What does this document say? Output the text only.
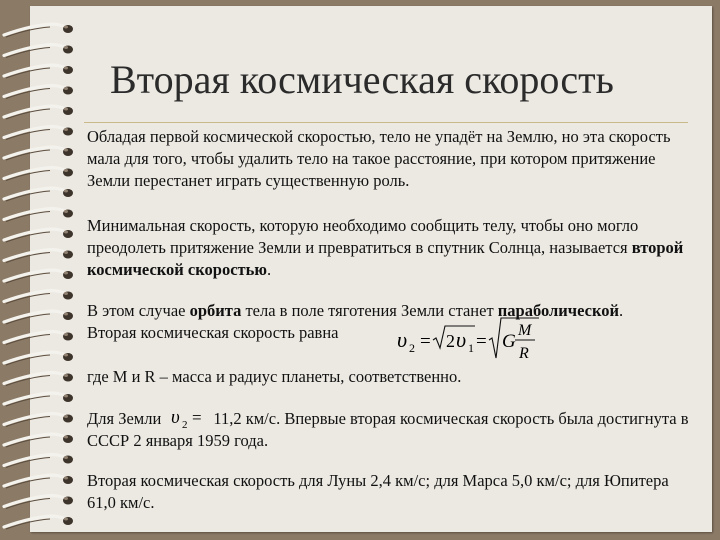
Вторая космическая скорость
Обладая первой космической скоростью, тело не упадёт на Землю, но эта скорость мала для того, чтобы удалить тело на такое расстояние, при котором притяжение Земли перестанет играть существенную роль.
Минимальная скорость, которую необходимо сообщить телу, чтобы оно могло преодолеть притяжение Земли и превратиться в спутник Солнца, называется второй космической скоростью.
В этом случае орбита тела в поле тяготения Земли станет параболической.
Вторая космическая скорость равна	υ 2 = 2 υ 1 = G
M
R
где M и R – масса и радиус планеты, соответственно.
Для Земли υ 2 = 11,2 км/с. Впервые вторая космическая скорость была достигнута в СССР 2 января 1959 года.
Вторая космическая скорость для Луны 2,4 км/с; для Марса 5,0 км/с; для Юпитера 61,0 км/с.
